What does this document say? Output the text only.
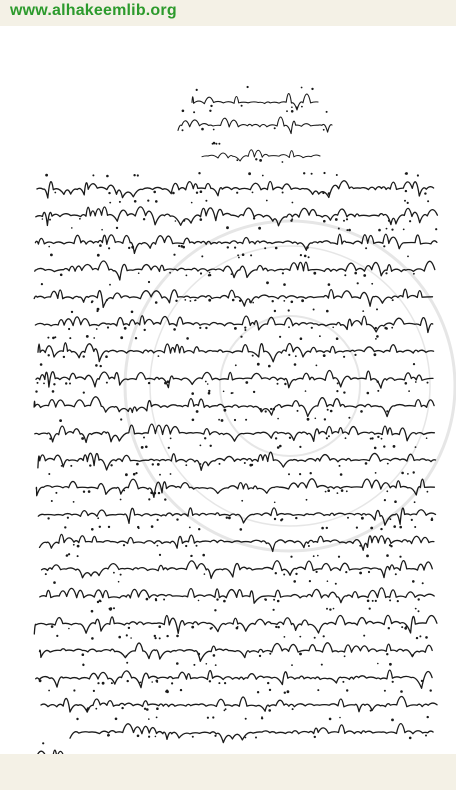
www.alhakeemlib.org
